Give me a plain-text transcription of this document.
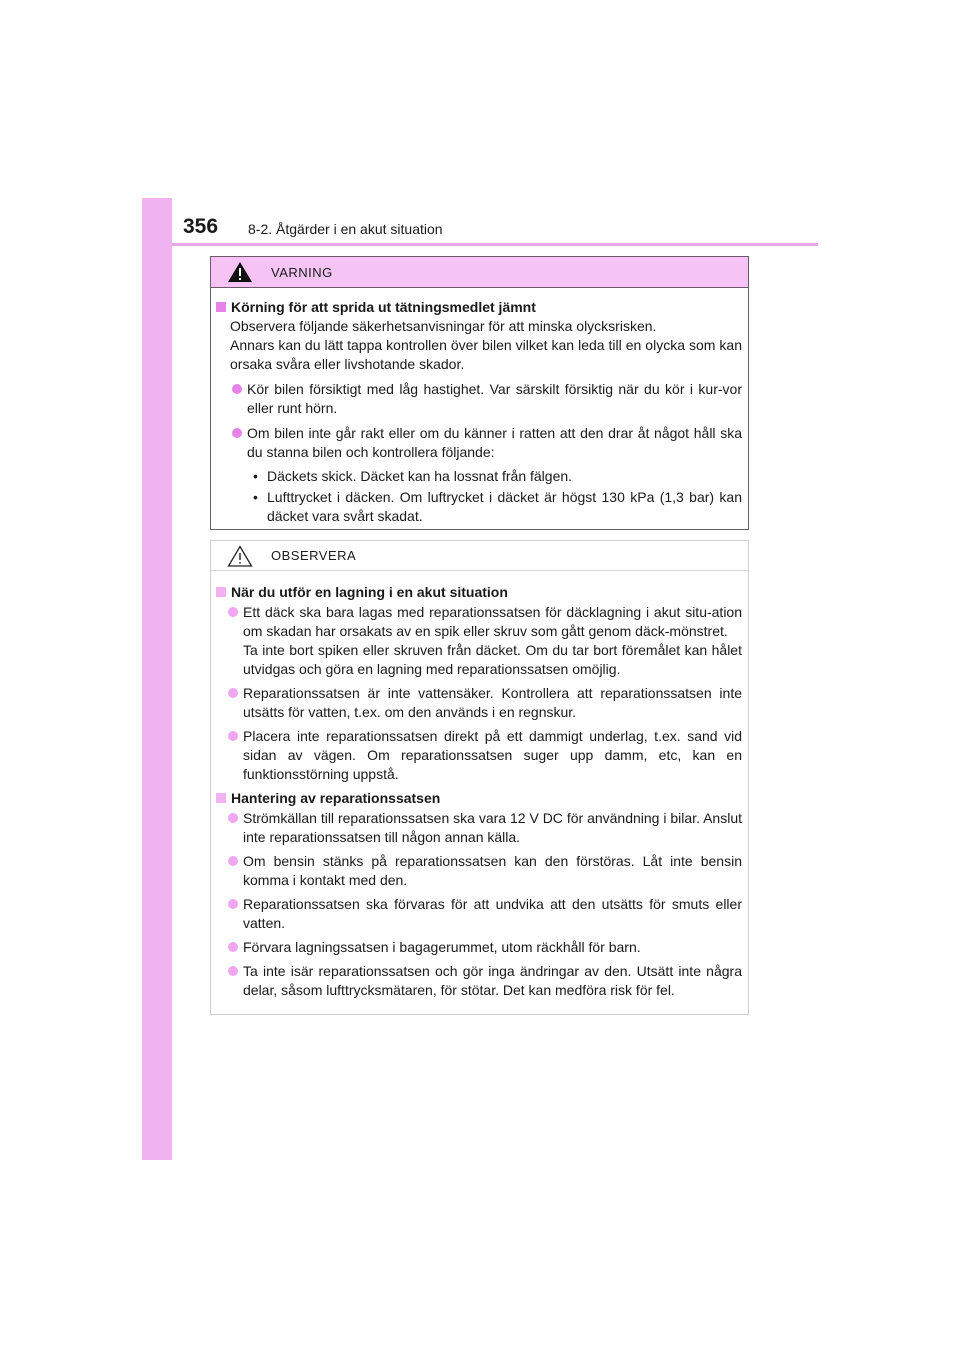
356 8-2. Åtgärder i en akut situation
VARNING
Körning för att sprida ut tätningsmedlet jämnt
Observera följande säkerhetsanvisningar för att minska olycksrisken.
Annars kan du lätt tappa kontrollen över bilen vilket kan leda till en olycka som kan orsaka svåra eller livshotande skador.
Kör bilen försiktigt med låg hastighet. Var särskilt försiktig när du kör i kur-vor eller runt hörn.
Om bilen inte går rakt eller om du känner i ratten att den drar åt något håll ska du stanna bilen och kontrollera följande:
• Däckets skick. Däcket kan ha lossnat från fälgen.
• Lufttrycket i däcken. Om luftrycket i däcket är högst 130 kPa (1,3 bar) kan däcket vara svårt skadat.
OBSERVERA
När du utför en lagning i en akut situation
Ett däck ska bara lagas med reparationssatsen för däcklagning i akut situ-ation om skadan har orsakats av en spik eller skruv som gått genom däck-mönstret.
Ta inte bort spiken eller skruven från däcket. Om du tar bort föremålet kan hålet utvidgas och göra en lagning med reparationssatsen omöjlig.
Reparationssatsen är inte vattensäker. Kontrollera att reparationssatsen inte utsätts för vatten, t.ex. om den används i en regnskur.
Placera inte reparationssatsen direkt på ett dammigt underlag, t.ex. sand vid sidan av vägen. Om reparationssatsen suger upp damm, etc, kan en funktionsstörning uppstå.
Hantering av reparationssatsen
Strömkällan till reparationssatsen ska vara 12 V DC för användning i bilar. Anslut inte reparationssatsen till någon annan källa.
Om bensin stänks på reparationssatsen kan den förstöras. Låt inte bensin komma i kontakt med den.
Reparationssatsen ska förvaras för att undvika att den utsätts för smuts eller vatten.
Förvara lagningssatsen i bagagerummet, utom räckhåll för barn.
Ta inte isär reparationssatsen och gör inga ändringar av den. Utsätt inte några delar, såsom lufttrycksmätaren, för stötar. Det kan medföra risk för fel.
